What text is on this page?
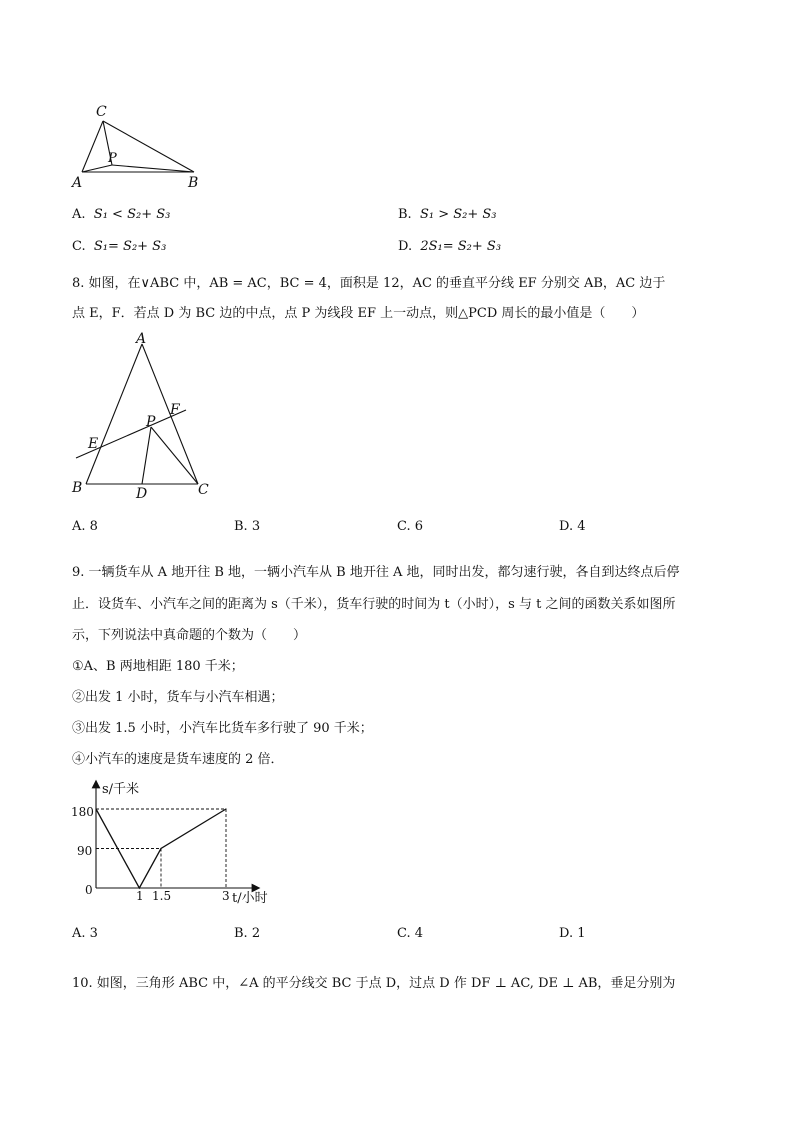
C
P
A	B
A. S₁ < S₂+ S₃	B. S₁ > S₂+ S₃
C. S₁= S₂+ S₃	D. 2S₁= S₂+ S₃
8. 如图，在∨ABC 中，AB = AC，BC = 4，面积是 12，AC 的垂直平分线 EF 分别交 AB，AC 边于
点 E，F．若点 D 为 BC 边的中点，点 P 为线段 EF 上一动点，则△PCD 周长的最小值是（　　）
A
F
P
E
B	D	C
A. 8	B. 3	C. 6	D. 4
9. 一辆货车从 A 地开往 B 地，一辆小汽车从 B 地开往 A 地，同时出发，都匀速行驶，各自到达终点后停
止．设货车、小汽车之间的距离为 s（千米），货车行驶的时间为 t（小时），s 与 t 之间的函数关系如图所
示，下列说法中真命题的个数为（　　）
①A、B 两地相距 180 千米；
②出发 1 小时，货车与小汽车相遇；
③出发 1.5 小时，小汽车比货车多行驶了 90 千米；
④小汽车的速度是货车速度的 2 倍．
s/千米
t/小时
180
90
0	1 1.5	3
A. 3	B. 2	C. 4	D. 1
10. 如图，三角形 ABC 中，∠A 的平分线交 BC 于点 D，过点 D 作 DF ⊥ AC, DE ⊥ AB，垂足分别为
